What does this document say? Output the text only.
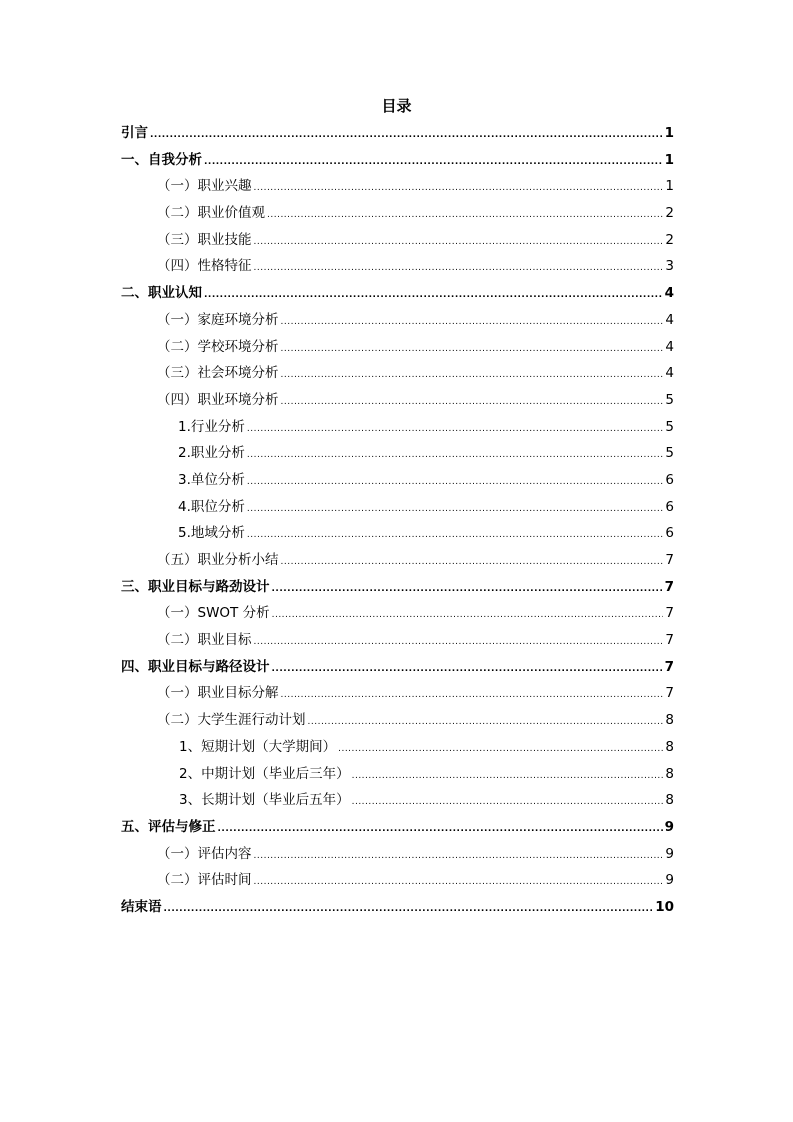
目录
引言 .....	1
一、自我分析 .....	1
（一）职业兴趣 .....	1
（二）职业价值观 .....	2
（三）职业技能 .....	2
（四）性格特征 .....	3
二、职业认知 .....	4
（一）家庭环境分析 .....	4
（二）学校环境分析 .....	4
（三）社会环境分析 .....	4
（四）职业环境分析 .....	5
1.行业分析 .....	5
2.职业分析 .....	5
3.单位分析 .....	6
4.职位分析 .....	6
5.地域分析 .....	6
（五）职业分析小结 .....	7
三、职业目标与路劲设计 .....	7
（一）SWOT 分析 .....	7
（二）职业目标 .....	7
四、职业目标与路径设计 .....	7
（一）职业目标分解 .....	7
（二）大学生涯行动计划 .....	8
1、短期计划（大学期间） .....	8
2、中期计划（毕业后三年） .....	8
3、长期计划（毕业后五年） .....	8
五、评估与修正 .....	9
（一）评估内容 .....	9
（二）评估时间 .....	9
结束语 .....	10
